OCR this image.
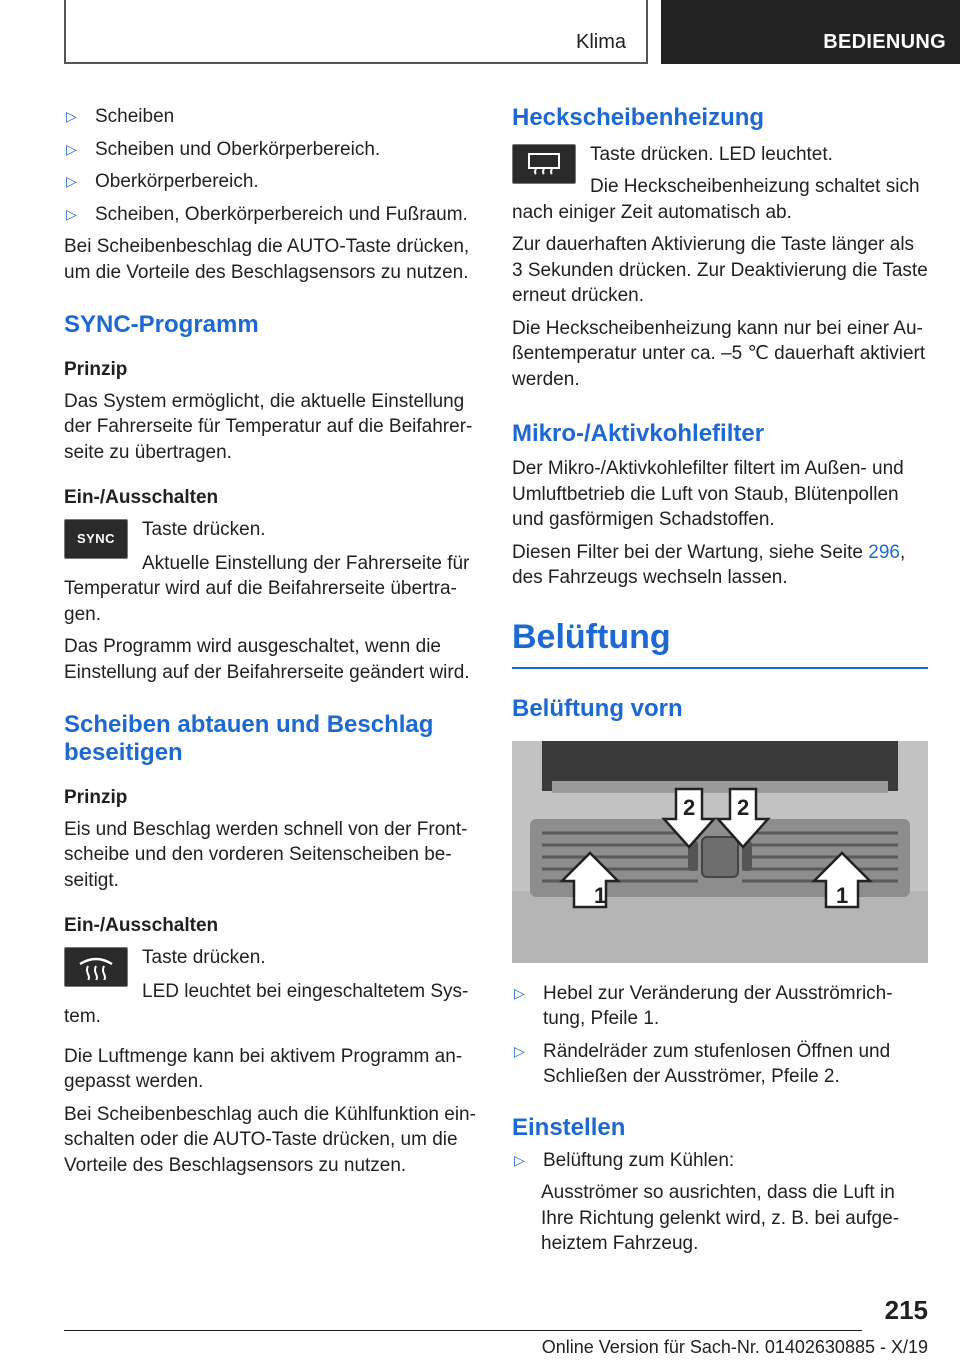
Klima	BEDIENUNG
▷ Scheiben
▷ Scheiben und Oberkörperbereich.
▷ Oberkörperbereich.
▷ Scheiben, Oberkörperbereich und Fußraum.

Bei Scheibenbeschlag die AUTO-Taste drücken, um die Vorteile des Beschlagsensors zu nutzen.

SYNC-Programm
Prinzip

Das System ermöglicht, die aktuelle Einstellung der Fahrerseite für Temperatur auf die Beifahrerseite zu übertragen.

Ein-/Ausschalten
SYNC	Taste drücken.

Aktuelle Einstellung der Fahrerseite für Temperatur wird auf die Beifahrerseite übertragen.

Das Programm wird ausgeschaltet, wenn die Einstellung auf der Beifahrerseite geändert wird.

Scheiben abtauen und Beschlag beseitigen
Prinzip

Eis und Beschlag werden schnell von der Frontscheibe und den vorderen Seitenscheiben beseitigt.

Ein-/Ausschalten

Taste drücken.

LED leuchtet bei eingeschaltetem System.

Die Luftmenge kann bei aktivem Programm angepasst werden.

Bei Scheibenbeschlag auch die Kühlfunktion einschalten oder die AUTO-Taste drücken, um die Vorteile des Beschlagsensors zu nutzen.

Heckscheibenheizung

Taste drücken. LED leuchtet.

Die Heckscheibenheizung schaltet sich nach einiger Zeit automatisch ab.

Zur dauerhaften Aktivierung die Taste länger als 3 Sekunden drücken. Zur Deaktivierung die Taste erneut drücken.

Die Heckscheibenheizung kann nur bei einer Außentemperatur unter ca. –5 ℃ dauerhaft aktiviert werden.

Mikro-/Aktivkohlefilter

Der Mikro-/Aktivkohlefilter filtert im Außen- und Umluftbetrieb die Luft von Staub, Blütenpollen und gasförmigen Schadstoffen.

Diesen Filter bei der Wartung, siehe Seite 296, des Fahrzeugs wechseln lassen.

Belüftung
Belüftung vorn
2 2
1	1
▷ Hebel zur Veränderung der Ausströmrichtung, Pfeile 1.
▷ Rändelräder zum stufenlosen Öffnen und Schließen der Ausströmer, Pfeile 2.
Einstellen
▷ Belüftung zum Kühlen:

Ausströmer so ausrichten, dass die Luft in Ihre Richtung gelenkt wird, z. B. bei aufgeheiztem Fahrzeug.

215
Online Version für Sach-Nr. 01402630885 - X/19
